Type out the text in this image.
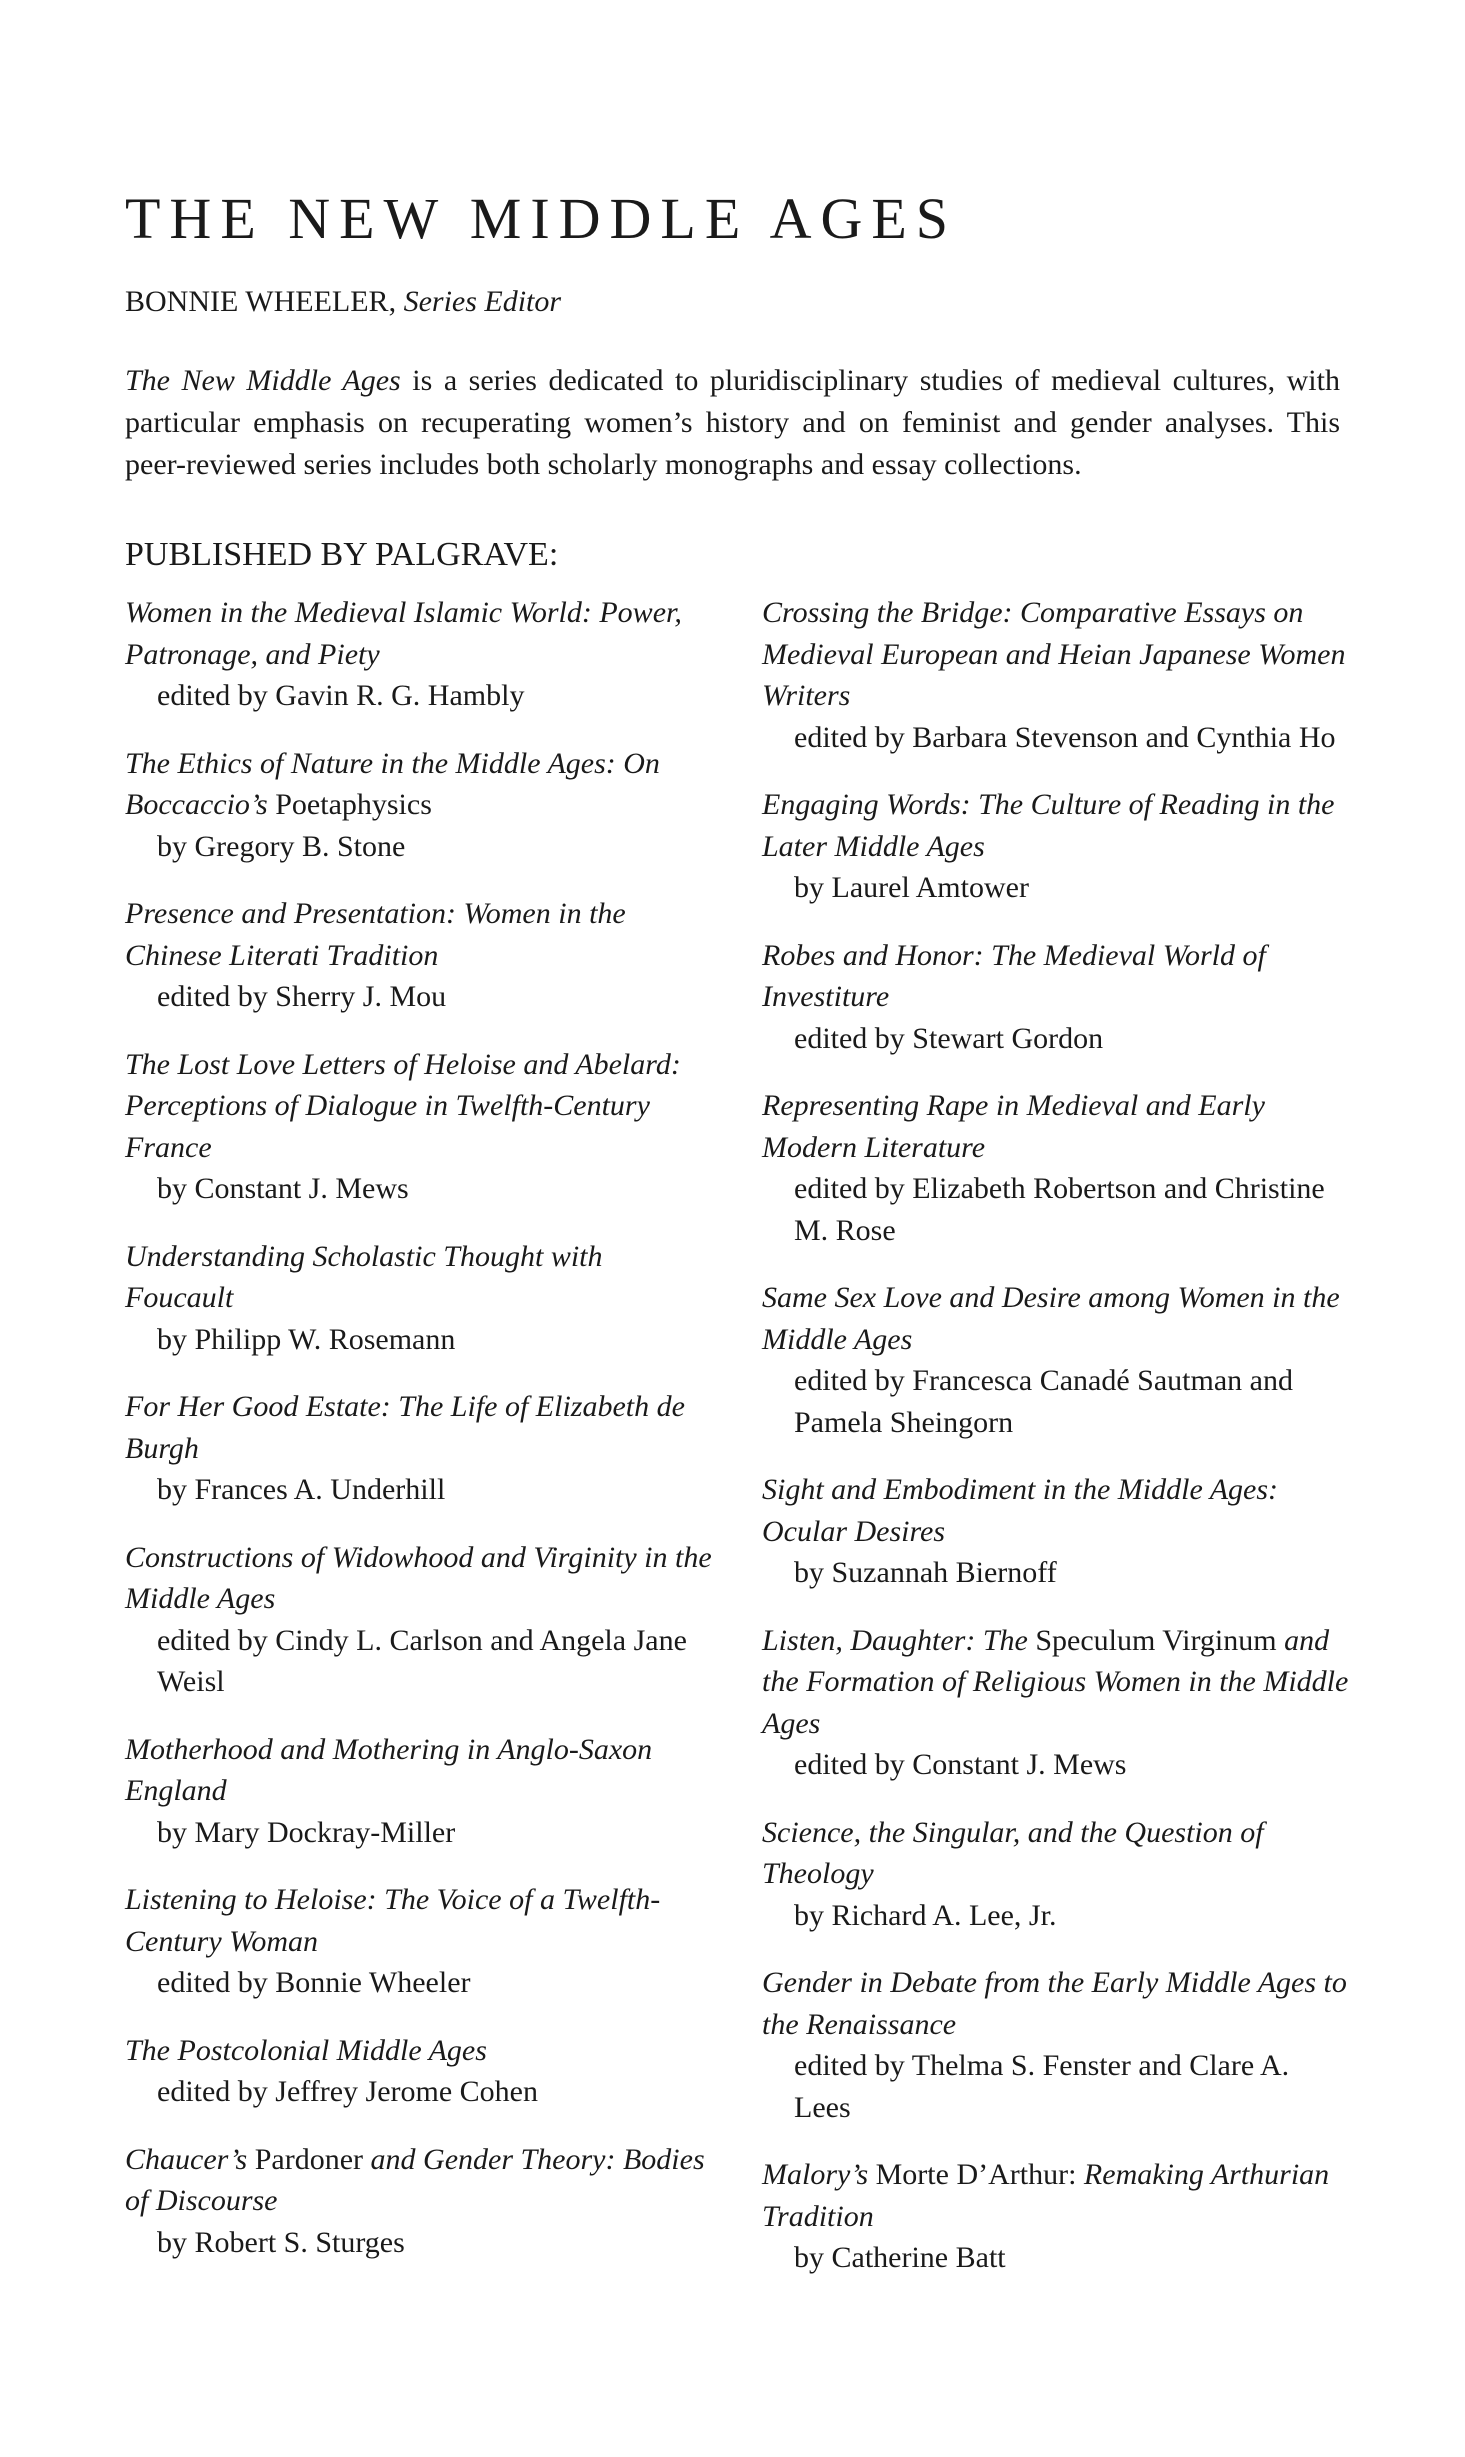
THE NEW MIDDLE AGES

BONNIE WHEELER, Series Editor

The New Middle Ages is a series dedicated to pluridisciplinary studies of medieval cultures, with particular emphasis on recuperating women’s history and on feminist and gender analyses. This peer-reviewed series includes both scholarly monographs and essay collections.

PUBLISHED BY PALGRAVE:
Women in the Medieval Islamic World: Power, Patronage, and Piety
edited by Gavin R. G. Hambly
The Ethics of Nature in the Middle Ages: On Boccaccio’s Poetaphysics
by Gregory B. Stone
Presence and Presentation: Women in the Chinese Literati Tradition
edited by Sherry J. Mou
The Lost Love Letters of Heloise and Abelard: Perceptions of Dialogue in Twelfth-Century France
by Constant J. Mews
Understanding Scholastic Thought with Foucault
by Philipp W. Rosemann
For Her Good Estate: The Life of Elizabeth de Burgh
by Frances A. Underhill
Constructions of Widowhood and Virginity in the Middle Ages
edited by Cindy L. Carlson and Angela Jane Weisl
Motherhood and Mothering in Anglo-Saxon England
by Mary Dockray-Miller
Listening to Heloise: The Voice of a Twelfth-Century Woman
edited by Bonnie Wheeler
The Postcolonial Middle Ages
edited by Jeffrey Jerome Cohen
Chaucer’s Pardoner and Gender Theory: Bodies of Discourse
by Robert S. Sturges
Crossing the Bridge: Comparative Essays on Medieval European and Heian Japanese Women Writers
edited by Barbara Stevenson and Cynthia Ho
Engaging Words: The Culture of Reading in the Later Middle Ages
by Laurel Amtower
Robes and Honor: The Medieval World of Investiture
edited by Stewart Gordon
Representing Rape in Medieval and Early Modern Literature
edited by Elizabeth Robertson and Christine M. Rose
Same Sex Love and Desire among Women in the Middle Ages
edited by Francesca Canadé Sautman and Pamela Sheingorn
Sight and Embodiment in the Middle Ages: Ocular Desires
by Suzannah Biernoff
Listen, Daughter: The Speculum Virginum and the Formation of Religious Women in the Middle Ages
edited by Constant J. Mews
Science, the Singular, and the Question of Theology
by Richard A. Lee, Jr.
Gender in Debate from the Early Middle Ages to the Renaissance
edited by Thelma S. Fenster and Clare A. Lees
Malory’s Morte D’Arthur: Remaking Arthurian Tradition
by Catherine Batt
